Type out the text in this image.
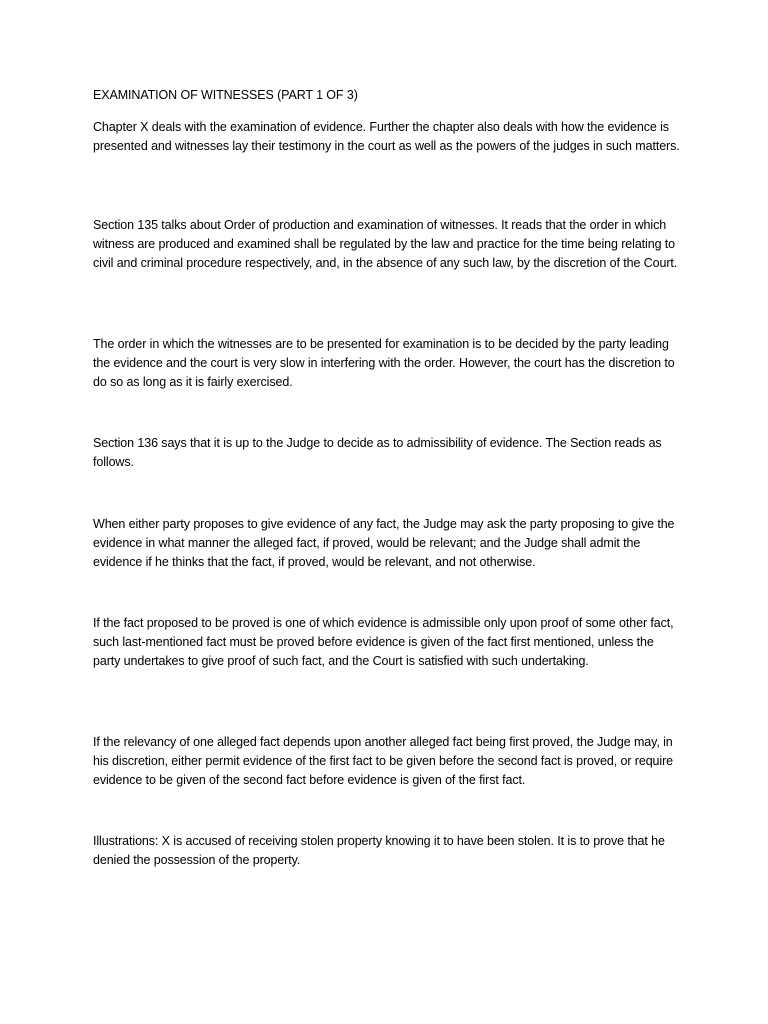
EXAMINATION OF WITNESSES (PART 1 OF 3)

Chapter X deals with the examination of evidence. Further the chapter also deals with how the evidence is presented and witnesses lay their testimony in the court as well as the powers of the judges in such matters.

Section 135 talks about Order of production and examination of witnesses. It reads that the order in which witness are produced and examined shall be regulated by the law and practice for the time being relating to civil and criminal procedure respectively, and, in the absence of any such law, by the discretion of the Court.

The order in which the witnesses are to be presented for examination is to be decided by the party leading the evidence and the court is very slow in interfering with the order. However, the court has the discretion to do so as long as it is fairly exercised.

Section 136 says that it is up to the Judge to decide as to admissibility of evidence. The Section reads as follows.

When either party proposes to give evidence of any fact, the Judge may ask the party proposing to give the evidence in what manner the alleged fact, if proved, would be relevant; and the Judge shall admit the evidence if he thinks that the fact, if proved, would be relevant, and not otherwise.

If the fact proposed to be proved is one of which evidence is admissible only upon proof of some other fact, such last-mentioned fact must be proved before evidence is given of the fact first mentioned, unless the party undertakes to give proof of such fact, and the Court is satisfied with such undertaking.

If the relevancy of one alleged fact depends upon another alleged fact being first proved, the Judge may, in his discretion, either permit evidence of the first fact to be given before the second fact is proved, or require evidence to be given of the second fact before evidence is given of the first fact.

Illustrations: X is accused of receiving stolen property knowing it to have been stolen. It is to prove that he denied the possession of the property.
